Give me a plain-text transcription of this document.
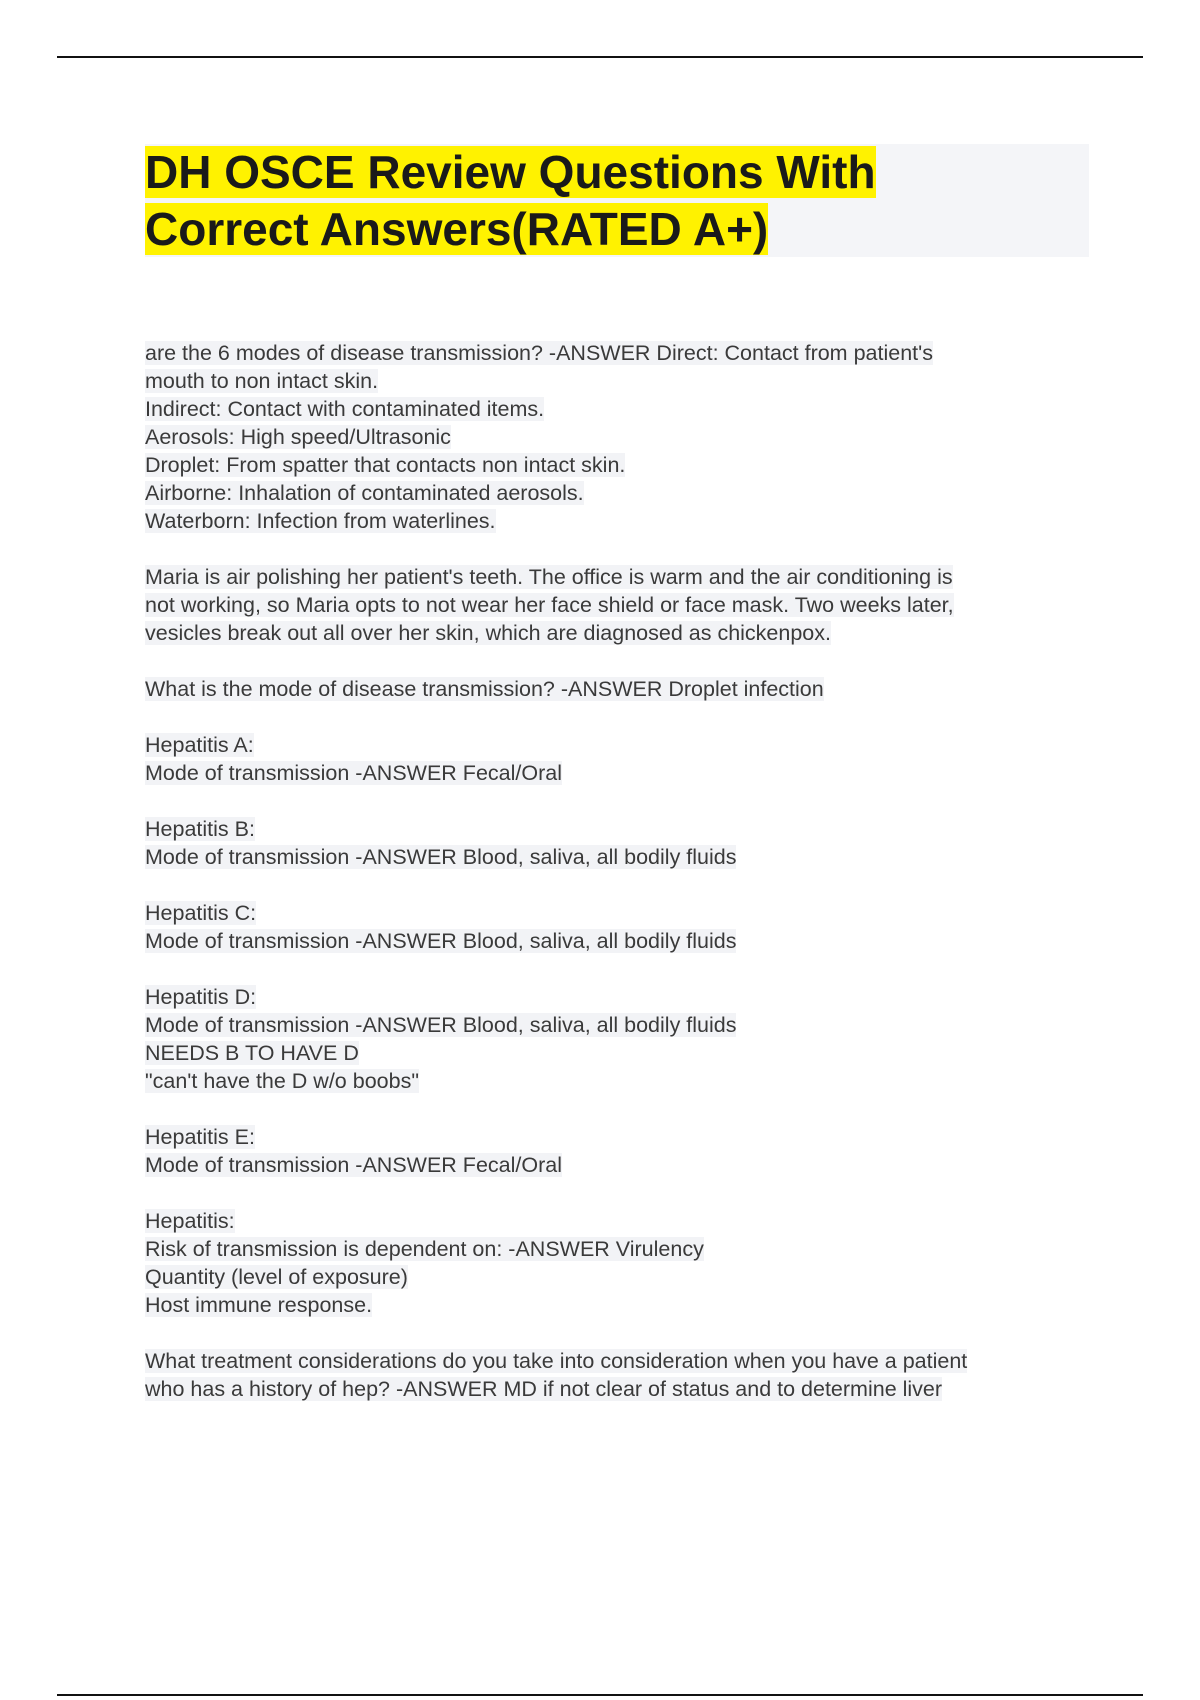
DH OSCE Review Questions With
Correct Answers(RATED A+)
are the 6 modes of disease transmission? -ANSWER Direct: Contact from patient's
mouth to non intact skin.
Indirect: Contact with contaminated items.
Aerosols: High speed/Ultrasonic
Droplet: From spatter that contacts non intact skin.
Airborne: Inhalation of contaminated aerosols.
Waterborn: Infection from waterlines.
Maria is air polishing her patient's teeth. The office is warm and the air conditioning is
not working, so Maria opts to not wear her face shield or face mask. Two weeks later,
vesicles break out all over her skin, which are diagnosed as chickenpox.
What is the mode of disease transmission? -ANSWER Droplet infection
Hepatitis A:
Mode of transmission -ANSWER Fecal/Oral
Hepatitis B:
Mode of transmission -ANSWER Blood, saliva, all bodily fluids
Hepatitis C:
Mode of transmission -ANSWER Blood, saliva, all bodily fluids
Hepatitis D:
Mode of transmission -ANSWER Blood, saliva, all bodily fluids
NEEDS B TO HAVE D
"can't have the D w/o boobs"
Hepatitis E:
Mode of transmission -ANSWER Fecal/Oral
Hepatitis:
Risk of transmission is dependent on: -ANSWER Virulency
Quantity (level of exposure)
Host immune response.
What treatment considerations do you take into consideration when you have a patient
who has a history of hep? -ANSWER MD if not clear of status and to determine liver
